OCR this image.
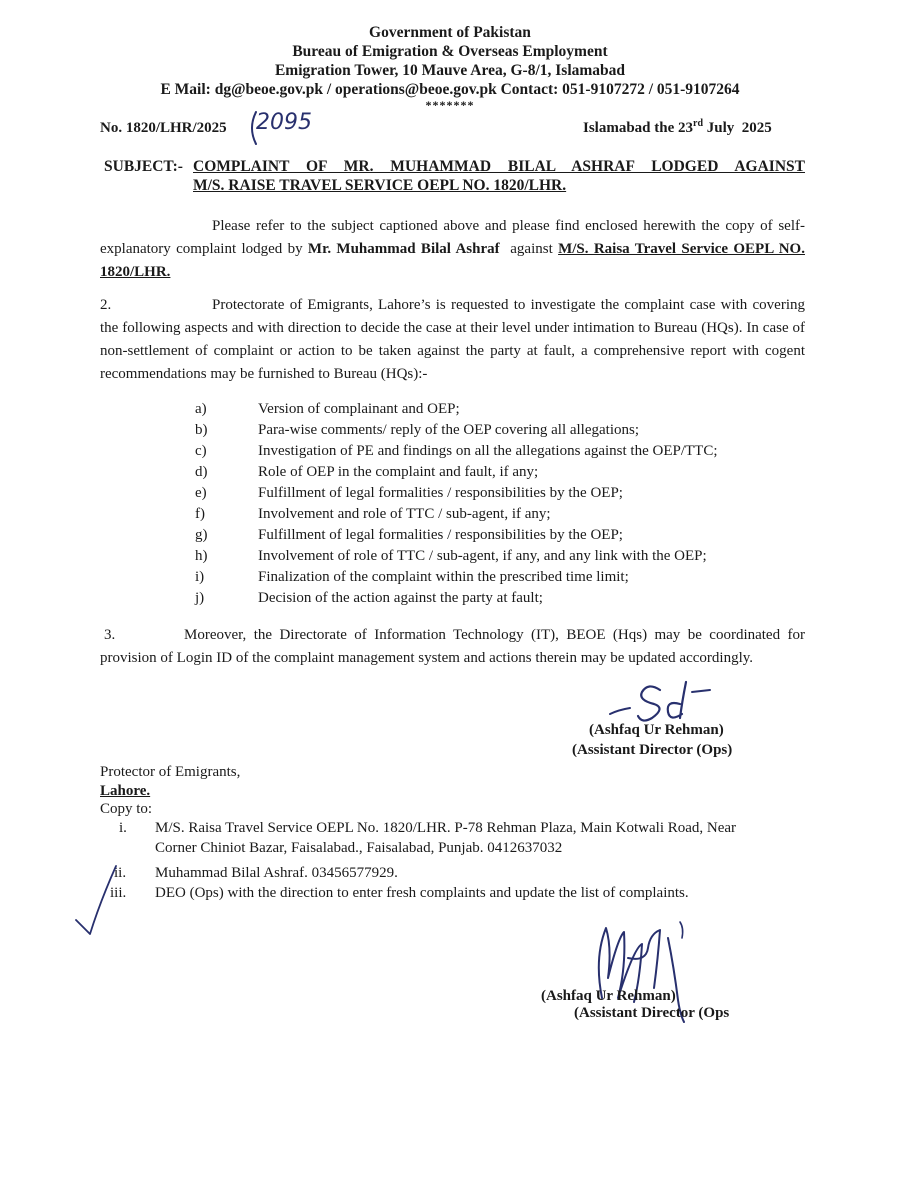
Government of Pakistan
Bureau of Emigration & Overseas Employment
Emigration Tower, 10 Mauve Area, G-8/1, Islamabad
E Mail: dg@beoe.gov.pk / operations@beoe.gov.pk Contact: 051-9107272 / 051-9107264
*******
No. 1820/LHR/2025 2095	Islamabad the 23rd July  2025
SUBJECT:- COMPLAINT OF MR. MUHAMMAD BILAL ASHRAF LODGED AGAINST
M/S. RAISE TRAVEL SERVICE OEPL NO. 1820/LHR.
Please refer to the subject captioned above and please find enclosed herewith the copy of self-explanatory complaint lodged by Mr. Muhammad Bilal Ashraf  against M/S. Raisa Travel Service OEPL NO. 1820/LHR.
2.	Protectorate of Emigrants, Lahore’s is requested to investigate the complaint case with covering the following aspects and with direction to decide the case at their level under intimation to Bureau (HQs). In case of non-settlement of complaint or action to be taken against the party at fault, a comprehensive report with cogent recommendations may be furnished to Bureau (HQs):-
a)	Version of complainant and OEP;
b)	Para-wise comments/ reply of the OEP covering all allegations;
c)	Investigation of PE and findings on all the allegations against the OEP/TTC;
d)	Role of OEP in the complaint and fault, if any;
e)	Fulfillment of legal formalities / responsibilities by the OEP;
f)	Involvement and role of TTC / sub-agent, if any;
g)	Fulfillment of legal formalities / responsibilities by the OEP;
h)	Involvement of role of TTC / sub-agent, if any, and any link with the OEP;
i)	Finalization of the complaint within the prescribed time limit;
j)	Decision of the action against the party at fault;
3.	Moreover, the Directorate of Information Technology (IT), BEOE (Hqs) may be coordinated for provision of Login ID of the complaint management system and actions therein may be updated accordingly.
(Ashfaq Ur Rehman)
(Assistant Director (Ops)
Protector of Emigrants,
Lahore.
Copy to:
i. M/S. Raisa Travel Service OEPL No. 1820/LHR. P-78 Rehman Plaza, Main Kotwali Road, Near
Corner Chiniot Bazar, Faisalabad., Faisalabad, Punjab. 0412637032
ii. Muhammad Bilal Ashraf. 03456577929.
iii. DEO (Ops) with the direction to enter fresh complaints and update the list of complaints.
(Ashfaq Ur Rehman)
(Assistant Director (Ops
